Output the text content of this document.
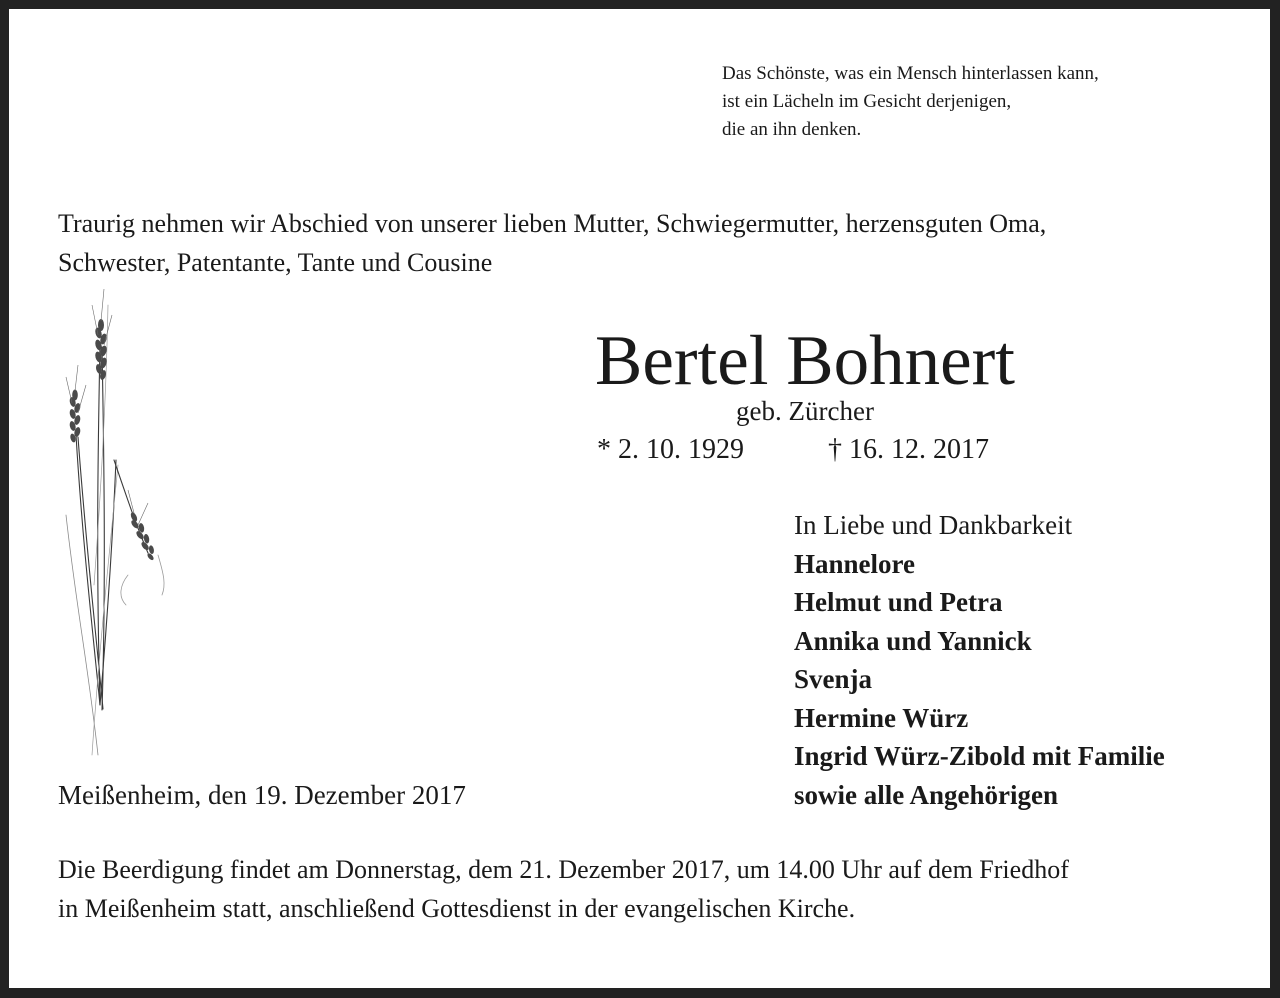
Das Schönste, was ein Mensch hinterlassen kann,
ist ein Lächeln im Gesicht derjenigen,
die an ihn denken.
Traurig nehmen wir Abschied von unserer lieben Mutter, Schwiegermutter, herzensguten Oma,
Schwester, Patentante, Tante und Cousine
Bertel Bohnert
geb. Zürcher
* 2. 10. 1929	† 16. 12. 2017
In Liebe und Dankbarkeit
Hannelore
Helmut und Petra
Annika und Yannick
Svenja
Hermine Würz
Ingrid Würz-Zibold mit Familie
sowie alle Angehörigen
Meißenheim, den 19. Dezember 2017
Die Beerdigung findet am Donnerstag, dem 21. Dezember 2017, um 14.00 Uhr auf dem Friedhof
in Meißenheim statt, anschließend Gottesdienst in der evangelischen Kirche.
